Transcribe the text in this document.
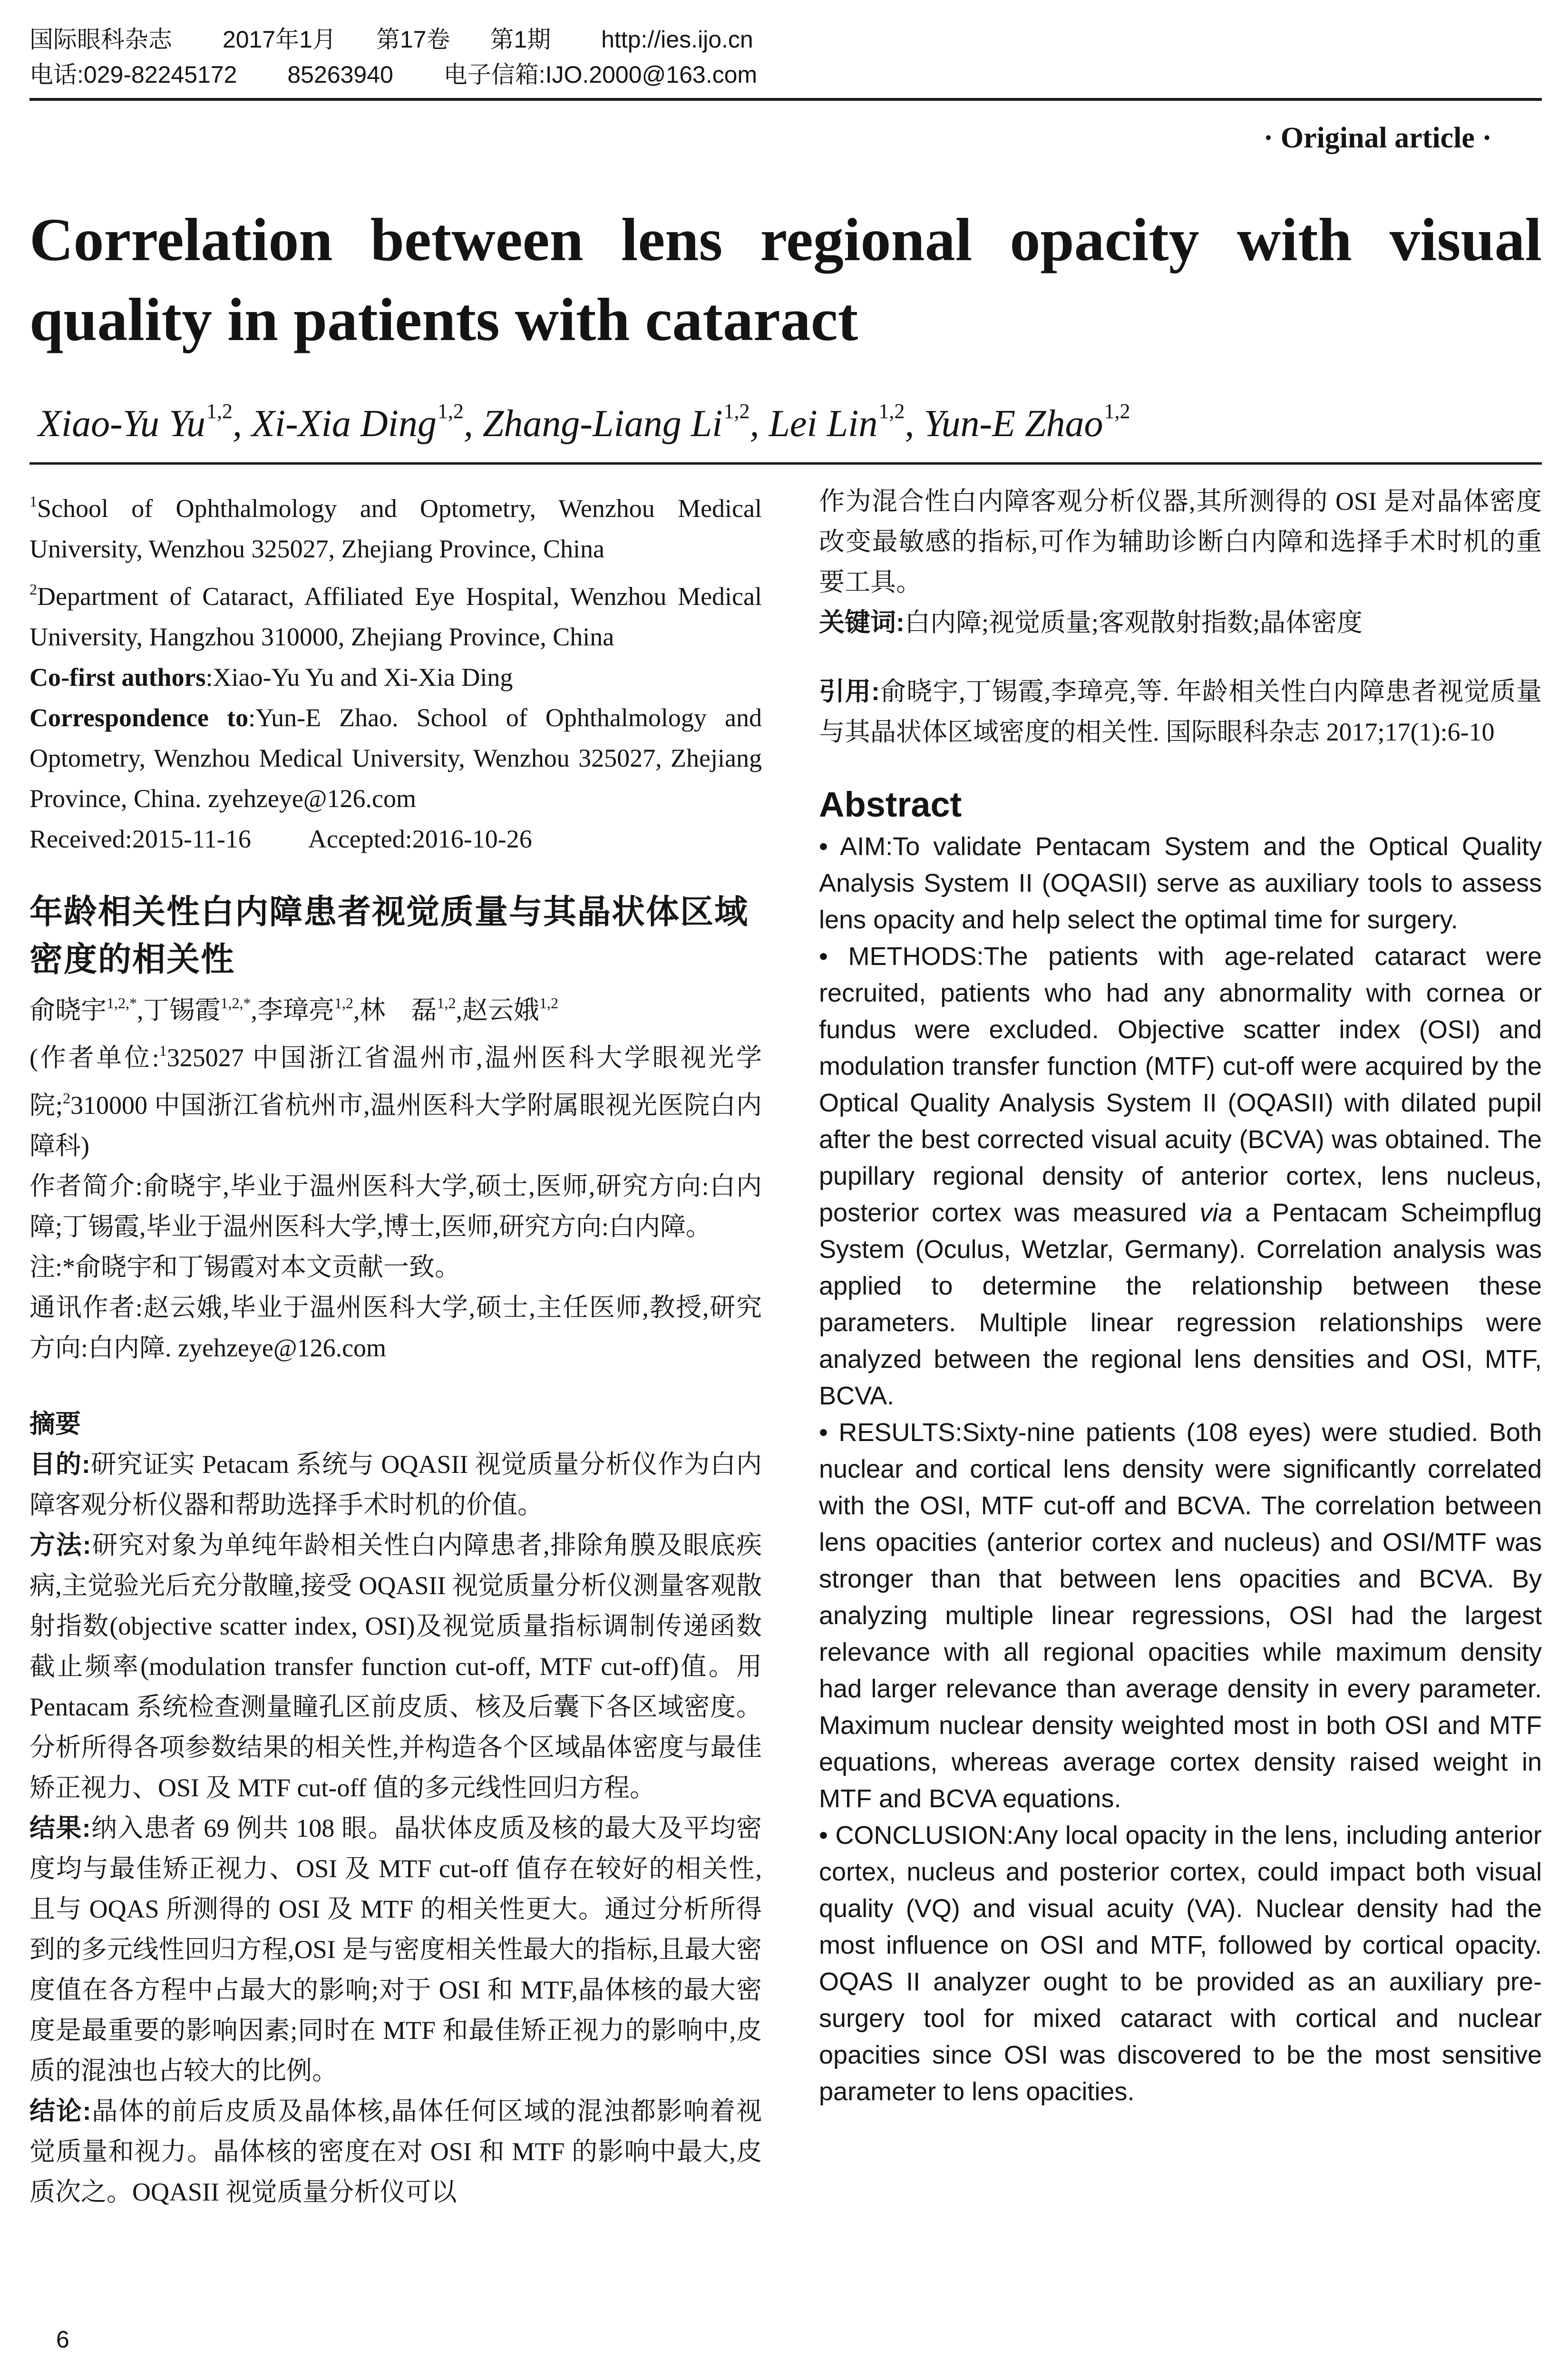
国际眼科杂志 2017年1月 第17卷 第1期 http://ies.ijo.cn
电话:029-82245172 85263940 电子信箱:IJO.2000@163.com
· Original article ·
Correlation between lens regional opacity with visual quality in patients with cataract
Xiao-Yu Yu$^{1,2}$, Xi-Xia Ding$^{1,2}$, Zhang-Liang Li$^{1,2}$, Lei Lin$^{1,2}$, Yun-E Zhao$^{1,2}$

$^1$School of Ophthalmology and Optometry, Wenzhou Medical University, Wenzhou 325027, Zhejiang Province, China

$^2$Department of Cataract, Affiliated Eye Hospital, Wenzhou Medical University, Hangzhou 310000, Zhejiang Province, China

Co-first authors:Xiao-Yu Yu and Xi-Xia Ding

Correspondence to:Yun-E Zhao. School of Ophthalmology and Optometry, Wenzhou Medical University, Wenzhou 325027, Zhejiang Province, China. zyehzeye@126.com

Received:2015-11-16 Accepted:2016-10-26

年龄相关性白内障患者视觉质量与其晶状体区域密度的相关性
俞晓宇$^{1,2,*}$,丁锡霞$^{1,2,*}$,李璋亮$^{1,2}$,林　磊$^{1,2}$,赵云娥$^{1,2}$

(作者单位:$^1$325027 中国浙江省温州市,温州医科大学眼视光学院;$^2$310000 中国浙江省杭州市,温州医科大学附属眼视光医院白内障科)

作者简介:俞晓宇,毕业于温州医科大学,硕士,医师,研究方向:白内障;丁锡霞,毕业于温州医科大学,博士,医师,研究方向:白内障。

注:*俞晓宇和丁锡霞对本文贡献一致。

通讯作者:赵云娥,毕业于温州医科大学,硕士,主任医师,教授,研究方向:白内障. zyehzeye@126.com

摘要

目的:研究证实 Petacam 系统与 OQASII 视觉质量分析仪作为白内障客观分析仪器和帮助选择手术时机的价值。

方法:研究对象为单纯年龄相关性白内障患者,排除角膜及眼底疾病,主觉验光后充分散瞳,接受 OQASII 视觉质量分析仪测量客观散射指数(objective scatter index, OSI)及视觉质量指标调制传递函数截止频率(modulation transfer function cut-off, MTF cut-off)值。用 Pentacam 系统检查测量瞳孔区前皮质、核及后囊下各区域密度。分析所得各项参数结果的相关性,并构造各个区域晶体密度与最佳矫正视力、OSI 及 MTF cut-off 值的多元线性回归方程。

结果:纳入患者 69 例共 108 眼。晶状体皮质及核的最大及平均密度均与最佳矫正视力、OSI 及 MTF cut-off 值存在较好的相关性,且与 OQAS 所测得的 OSI 及 MTF 的相关性更大。通过分析所得到的多元线性回归方程,OSI 是与密度相关性最大的指标,且最大密度值在各方程中占最大的影响;对于 OSI 和 MTF,晶体核的最大密度是最重要的影响因素;同时在 MTF 和最佳矫正视力的影响中,皮质的混浊也占较大的比例。

结论:晶体的前后皮质及晶体核,晶体任何区域的混浊都影响着视觉质量和视力。晶体核的密度在对 OSI 和 MTF 的影响中最大,皮质次之。OQASII 视觉质量分析仪可以

作为混合性白内障客观分析仪器,其所测得的 OSI 是对晶体密度改变最敏感的指标,可作为辅助诊断白内障和选择手术时机的重要工具。

关键词:白内障;视觉质量;客观散射指数;晶体密度

引用:俞晓宇,丁锡霞,李璋亮,等. 年龄相关性白内障患者视觉质量与其晶状体区域密度的相关性. 国际眼科杂志 2017;17(1):6-10

Abstract

• AIM:To validate Pentacam System and the Optical Quality Analysis System II (OQASII) serve as auxiliary tools to assess lens opacity and help select the optimal time for surgery.

• METHODS:The patients with age-related cataract were recruited, patients who had any abnormality with cornea or fundus were excluded. Objective scatter index (OSI) and modulation transfer function (MTF) cut-off were acquired by the Optical Quality Analysis System II (OQASII) with dilated pupil after the best corrected visual acuity (BCVA) was obtained. The pupillary regional density of anterior cortex, lens nucleus, posterior cortex was measured via a Pentacam Scheimpflug System (Oculus, Wetzlar, Germany). Correlation analysis was applied to determine the relationship between these parameters. Multiple linear regression relationships were analyzed between the regional lens densities and OSI, MTF, BCVA.

• RESULTS:Sixty-nine patients (108 eyes) were studied. Both nuclear and cortical lens density were significantly correlated with the OSI, MTF cut-off and BCVA. The correlation between lens opacities (anterior cortex and nucleus) and OSI/MTF was stronger than that between lens opacities and BCVA. By analyzing multiple linear regressions, OSI had the largest relevance with all regional opacities while maximum density had larger relevance than average density in every parameter. Maximum nuclear density weighted most in both OSI and MTF equations, whereas average cortex density raised weight in MTF and BCVA equations.

• CONCLUSION:Any local opacity in the lens, including anterior cortex, nucleus and posterior cortex, could impact both visual quality (VQ) and visual acuity (VA). Nuclear density had the most influence on OSI and MTF, followed by cortical opacity. OQAS II analyzer ought to be provided as an auxiliary pre-surgery tool for mixed cataract with cortical and nuclear opacities since OSI was discovered to be the most sensitive parameter to lens opacities.

6
